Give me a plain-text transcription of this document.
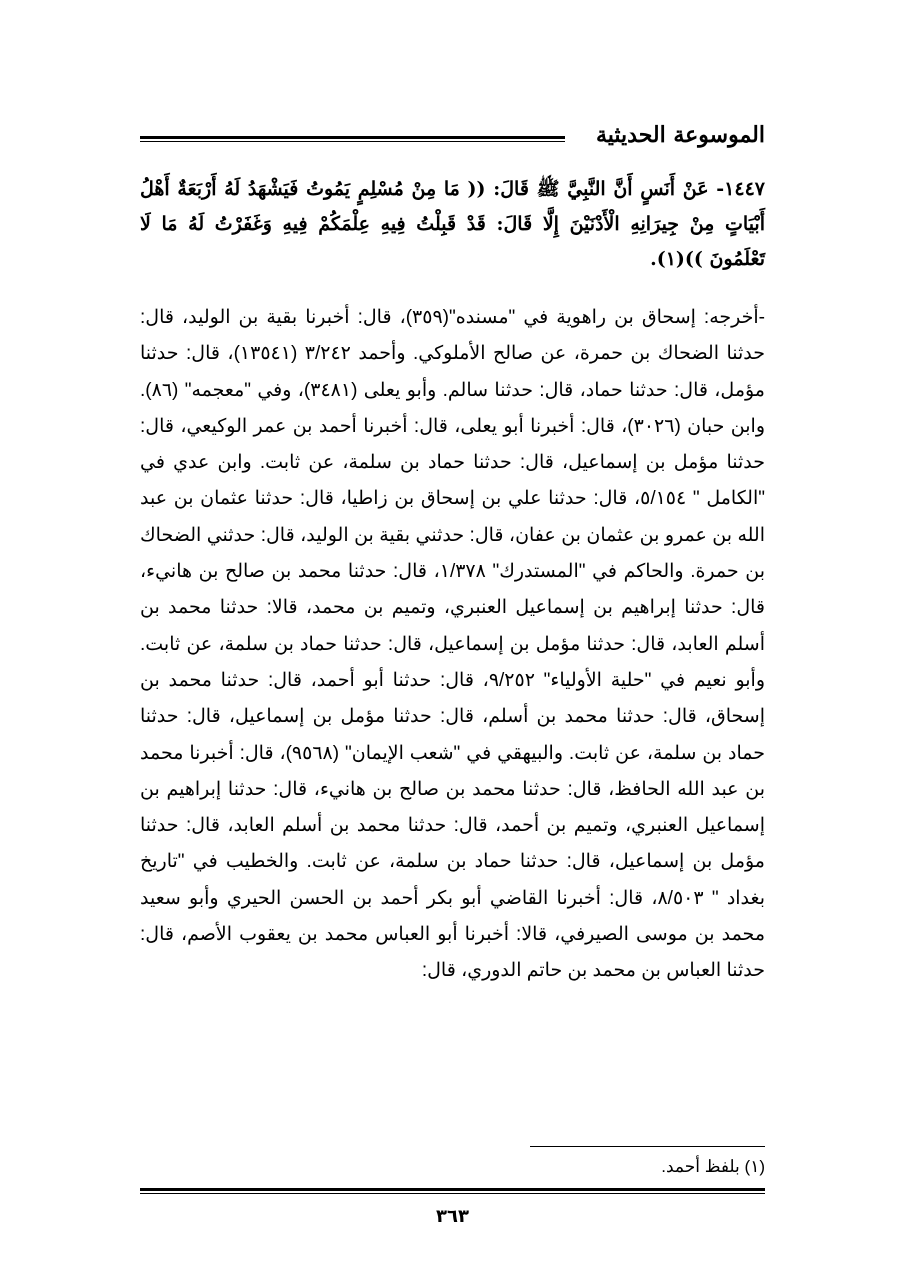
الموسوعة الحديثية
١٤٤٧- عَنْ أَنَسٍ أَنَّ النَّبِيَّ ﷺ قَالَ: (( مَا مِنْ مُسْلِمٍ يَمُوتُ فَيَشْهَدُ لَهُ أَرْبَعَةٌ أَهْلُ أَبْيَاتٍ مِنْ جِيرَانِهِ الْأَدْنَيْنَ إِلَّا قَالَ: قَدْ قَبِلْتُ فِيهِ عِلْمَكُمْ فِيهِ وَغَفَرْتُ لَهُ مَا لَا تَعْلَمُونَ ))(١).
-أخرجه: إسحاق بن راهوية في "مسنده"(٣٥٩)، قال: أخبرنا بقية بن الوليد، قال: حدثنا الضحاك بن حمرة، عن صالح الأملوكي. وأحمد ٣/٢٤٢ (١٣٥٤١)، قال: حدثنا مؤمل، قال: حدثنا حماد، قال: حدثنا سالم. وأبو يعلى (٣٤٨١)، وفي "معجمه" (٨٦). وابن حبان (٣٠٢٦)، قال: أخبرنا أبو يعلى، قال: أخبرنا أحمد بن عمر الوكيعي، قال: حدثنا مؤمل بن إسماعيل، قال: حدثنا حماد بن سلمة، عن ثابت. وابن عدي في "الكامل " ٥/١٥٤، قال: حدثنا علي بن إسحاق بن زاطيا، قال: حدثنا عثمان بن عبد الله بن عمرو بن عثمان بن عفان، قال: حدثني بقية بن الوليد، قال: حدثني الضحاك بن حمرة. والحاكم في "المستدرك" ١/٣٧٨، قال: حدثنا محمد بن صالح بن هانيء، قال: حدثنا إبراهيم بن إسماعيل العنبري، وتميم بن محمد، قالا: حدثنا محمد بن أسلم العابد، قال: حدثنا مؤمل بن إسماعيل، قال: حدثنا حماد بن سلمة، عن ثابت. وأبو نعيم في "حلية الأولياء" ٩/٢٥٢، قال: حدثنا أبو أحمد، قال: حدثنا محمد بن إسحاق، قال: حدثنا محمد بن أسلم، قال: حدثنا مؤمل بن إسماعيل، قال: حدثنا حماد بن سلمة، عن ثابت. والبيهقي في "شعب الإيمان" (٩٥٦٨)، قال: أخبرنا محمد بن عبد الله الحافظ، قال: حدثنا محمد بن صالح بن هانيء، قال: حدثنا إبراهيم بن إسماعيل العنبري، وتميم بن أحمد، قال: حدثنا محمد بن أسلم العابد، قال: حدثنا مؤمل بن إسماعيل، قال: حدثنا حماد بن سلمة، عن ثابت. والخطيب في "تاريخ بغداد " ٨/٥٠٣، قال: أخبرنا القاضي أبو بكر أحمد بن الحسن الحيري وأبو سعيد محمد بن موسى الصيرفي، قالا: أخبرنا أبو العباس محمد بن يعقوب الأصم، قال: حدثنا العباس بن محمد بن حاتم الدوري، قال:
(١) بلفظ أحمد.
٣٦٣
